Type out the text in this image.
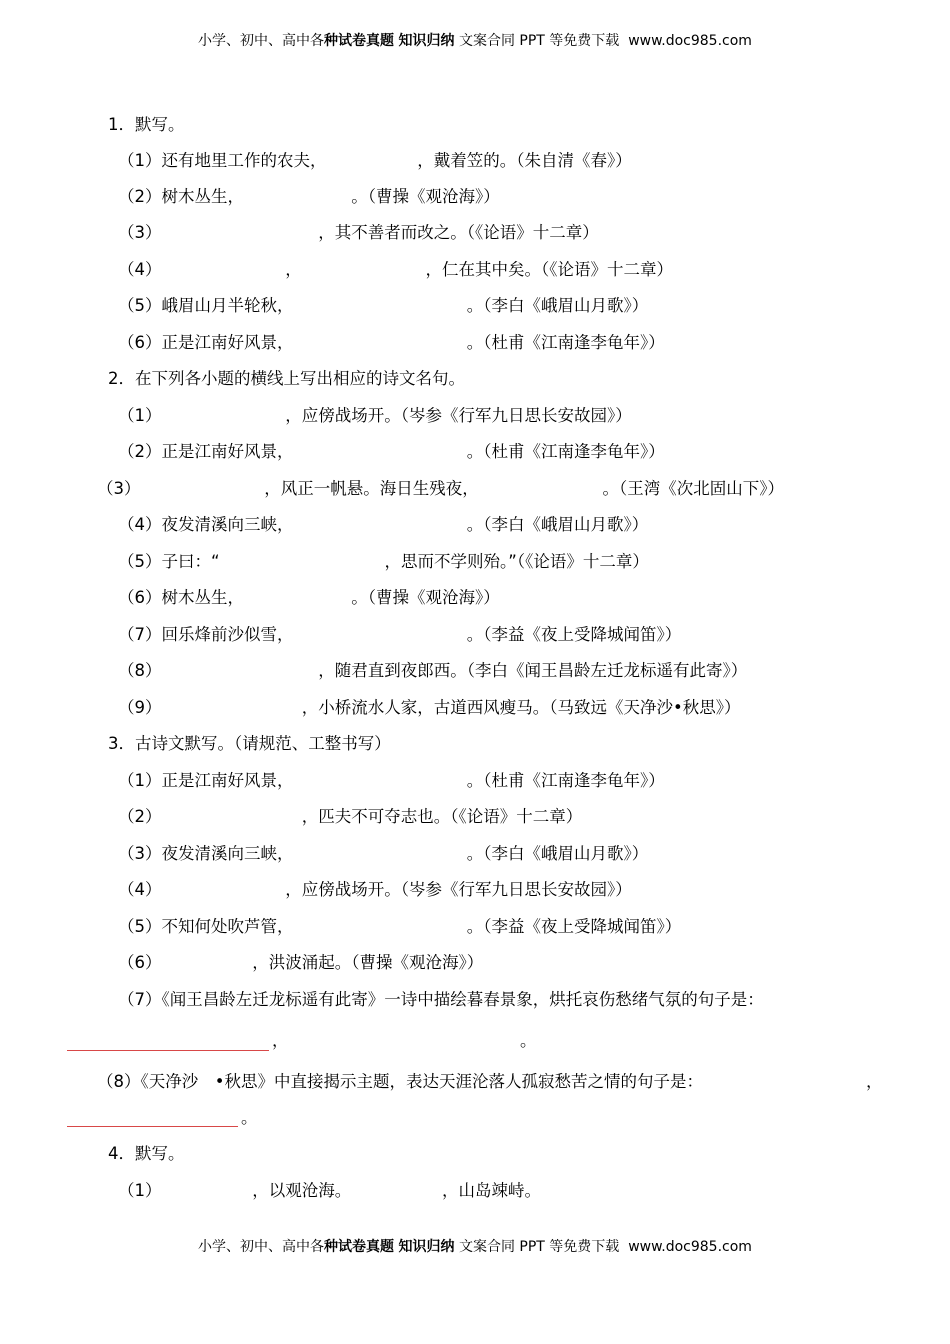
小学、初中、高中各种试卷真题 知识归纳 文案合同 PPT 等免费下载 www.doc985.com
1．默写。
（1）还有地里工作的农夫，　　　　　　，戴着笠的。（朱自清《春》）
（2）树木丛生，　　　　　　　。（曹操《观沧海》）
（3）　　　　　　　　　　，其不善者而改之。（《论语》十二章）
（4）　　　　　　　　，　　　　　　　　，仁在其中矣。（《论语》十二章）
（5）峨眉山月半轮秋，　　　　　　　　　　　。（李白《峨眉山月歌》）
（6）正是江南好风景，　　　　　　　　　　　。（杜甫《江南逢李龟年》）
2．在下列各小题的横线上写出相应的诗文名句。
（1）　　　　　　　　，应傍战场开。（岑参《行军九日思长安故园》）
（2）正是江南好风景，　　　　　　　　　　　。（杜甫《江南逢李龟年》）
（3）　　　　　　　　，风正一帆悬。海日生残夜，　　　　　　　　。（王湾《次北固山下》）
（4）夜发清溪向三峡，　　　　　　　　　　　。（李白《峨眉山月歌》）
（5）子曰：“　　　　　　　　　　，思而不学则殆。”（《论语》十二章）
（6）树木丛生，　　　　　　　。（曹操《观沧海》）
（7）回乐烽前沙似雪，　　　　　　　　　　　。（李益《夜上受降城闻笛》）
（8）　　　　　　　　　　，随君直到夜郎西。（李白《闻王昌龄左迁龙标遥有此寄》）
（9）　　　　　　　　　，小桥流水人家，古道西风瘦马。（马致远《天净沙•秋思》）
3．古诗文默写。（请规范、工整书写）
（1）正是江南好风景，　　　　　　　　　　　。（杜甫《江南逢李龟年》）
（2）　　　　　　　　　，匹夫不可夺志也。（《论语》十二章）
（3）夜发清溪向三峡，　　　　　　　　　　　。（李白《峨眉山月歌》）
（4）　　　　　　　　，应傍战场开。（岑参《行军九日思长安故园》）
（5）不知何处吹芦管，　　　　　　　　　　　。（李益《夜上受降城闻笛》）
（6）　　　　　　，洪波涌起。（曹操《观沧海》）
（7）《闻王昌龄左迁龙标遥有此寄》一诗中描绘暮春景象，烘托哀伤愁绪气氛的句子是：
，	。
（8）《天净沙　•秋思》中直接揭示主题，表达天涯沦落人孤寂愁苦之情的句子是：	，
。
4．默写。
（1）　　　　　　，以观沧海。　　　　　　，山岛竦峙。
小学、初中、高中各种试卷真题 知识归纳 文案合同 PPT 等免费下载 www.doc985.com
